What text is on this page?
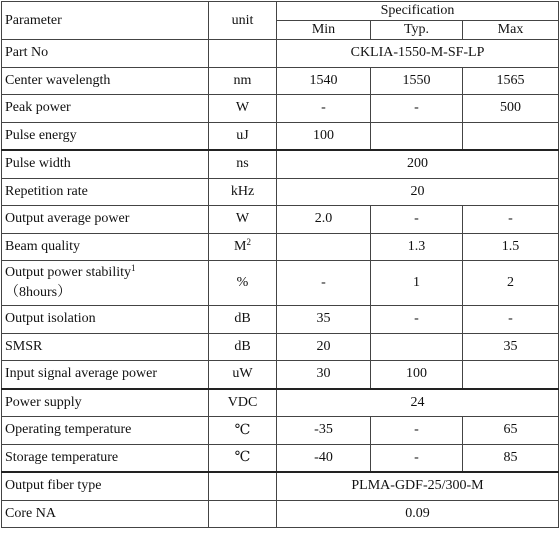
Parameter	unit	Specification		
		Min	Typ.	Max
Part No		CKLIA-1550-M-SF-LP		
Center wavelength	nm	1540	1550	1565
Peak power	W	-	-	500
Pulse energy	uJ	100		
Pulse width	ns	200		
Repetition rate	kHz	20		
Output average power	W	2.0	-	-
Beam quality	$M^2$		1.3	1.5
Output power stability$^1$
（8hours）	%	-	1	2
Output isolation	dB	35	-	-
SMSR	dB	20		35
Input signal average power	uW	30	100	
Power supply	VDC	24		
Operating temperature	℃	-35	-	65
Storage temperature	℃	-40	-	85
Output fiber type		PLMA-GDF-25/300-M		
Core NA		0.09		
